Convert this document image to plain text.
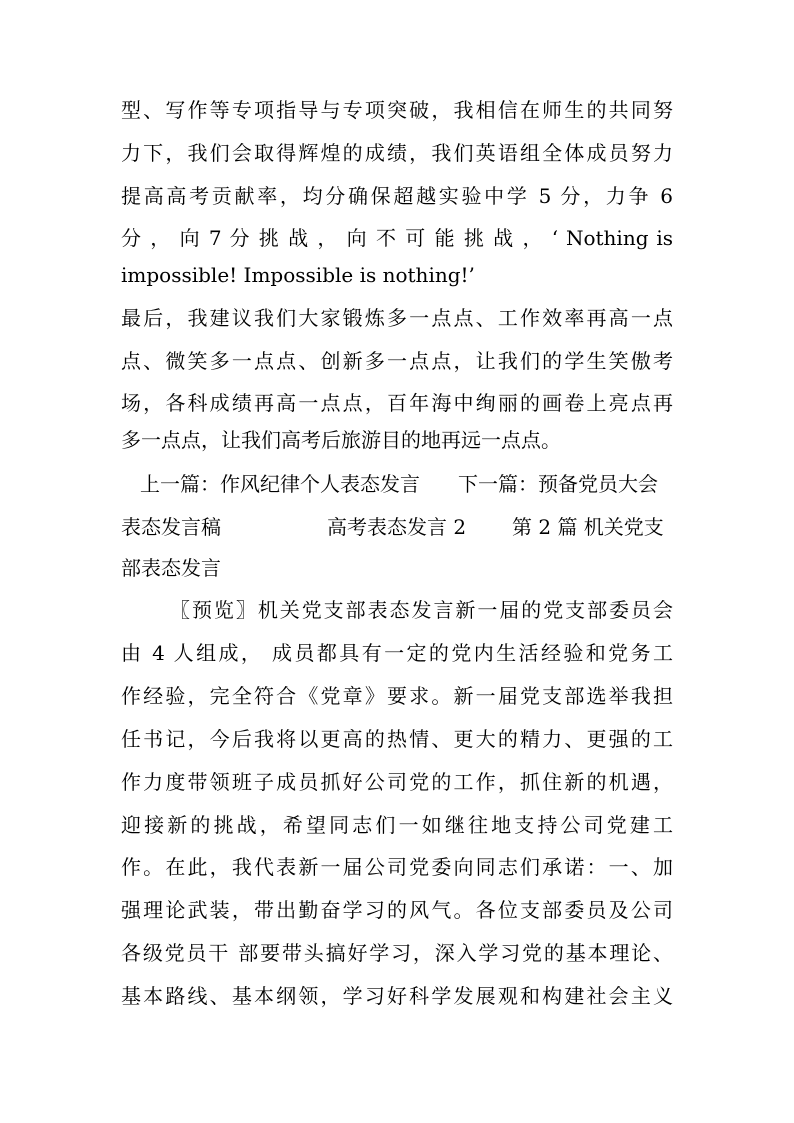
型、写作等专项指导与专项突破，我相信在师生的共同努
力下，我们会取得辉煌的成绩，我们英语组全体成员努力
提高高考贡献率，均分确保超越实验中学 5 分，力争 6
分 ， 向 7 分 挑 战 ， 向 不 可 能 挑 战 ， ‘ Nothing is
impossible! Impossible is nothing!’
最后，我建议我们大家锻炼多一点点、工作效率再高一点
点、微笑多一点点、创新多一点点，让我们的学生笑傲考
场，各科成绩再高一点点，百年海中绚丽的画卷上亮点再
多一点点，让我们高考后旅游目的地再远一点点。
上一篇：作风纪律个人表态发言 下一篇：预备党员大会
表态发言稿	高考表态发言 2 第 2 篇 机关党支
部表态发言
〖预览〗机关党支部表态发言新一届的党支部委员会
由 4 人组成， 成员都具有一定的党内生活经验和党务工
作经验，完全符合《党章》要求。新一届党支部选举我担
任书记，今后我将以更高的热情、更大的精力、更强的工
作力度带领班子成员抓好公司党的工作，抓住新的机遇，
迎接新的挑战，希望同志们一如继往地支持公司党建工
作。在此，我代表新一届公司党委向同志们承诺：一、加
强理论武装，带出勤奋学习的风气。各位支部委员及公司
各级党员干 部要带头搞好学习，深入学习党的基本理论、
基本路线、基本纲领，学习好科学发展观和构建社会主义
